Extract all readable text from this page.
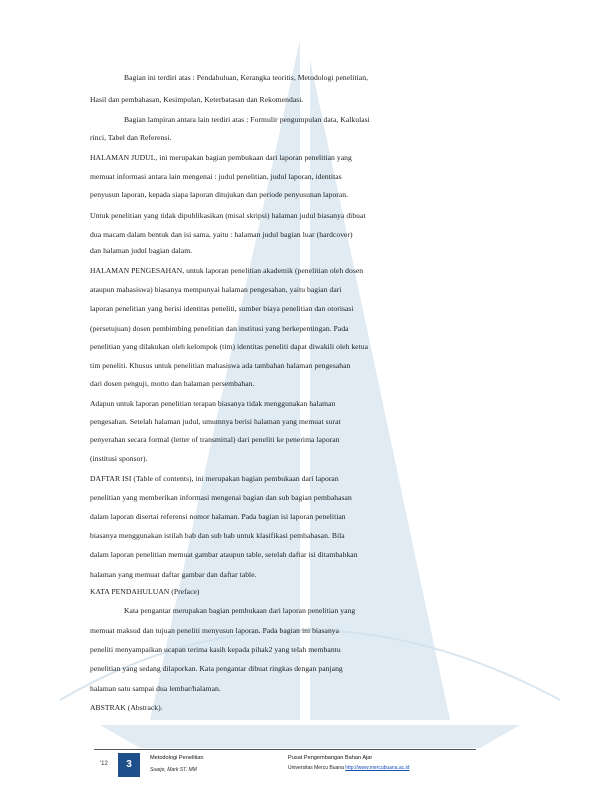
Bagian ini terdiri atas : Pendahuluan, Kerangka teoritis, Metodologi penelitian,
Hasil dan pembahasan, Kesimpulan, Keterbatasan dan Rekomendasi.
Bagian lampiran antara lain terdiri atas : Formulir pengumpulan data, Kalkulasi
rinci, Tabel dan Referensi.
HALAMAN JUDUL, ini merupakan bagian pembukaan dari laporan penelitian yang
memuat informasi antara lain mengenai : judul penelitian, judul laporan, identitas
penyusun laporan, kepada siapa laporan ditujukan dan periode penyusunan laporan.
Untuk penelitian yang tidak dipublikasikan (misal skripsi) halaman judul biasanya dibuat
dua macam dalam bentuk dan isi sama, yaitu : halaman judul bagian luar (hardcover)
dan halaman judul bagian dalam.
HALAMAN PENGESAHAN, untuk laporan penelitian akademik (penelitian oleh dosen
ataupun mahasiswa) biasanya mempunyai halaman pengesahan, yaitu bagian dari
laporan penelitian yang berisi identitas peneliti, sumber biaya penelitian dan otorisasi
(persetujuan) dosen pembimbing penelitian dan institusi yang berkepentingan. Pada
penelitian yang dilakukan oleh kelompok (tim) identitas peneliti dapat diwakili oleh ketua
tim peneliti. Khusus untuk penelitian mahasiswa ada tambahan halaman pengesahan
dari dosen penguji, motto dan halaman persembahan.
Adapun untuk laporan penelitian terapan biasanya tidak menggunakan halaman
pengesahan. Setelah halaman judul, umumnya berisi halaman yang memuat surat
penyerahan secara formal (letter of transmittal) dari peneliti ke penerima laporan
(institusi sponsor).
DAFTAR ISI (Table of contents), ini merupakan bagian pembukaan dari laporan
penelitian yang memberikan informasi mengenai bagian dan sub bagian pembahasan
dalam laporan disertai referensi nomor halaman. Pada bagian isi laporan penelitian
biasanya menggunakan istilah bab dan sub bab untuk klasifikasi pembahasan. Bila
dalam laporan penelitian memuat gambar ataupun table, setelah daftar isi ditambahkan
halaman yang memuat daftar gambar dan daftar table.
KATA PENDAHULUAN (Preface)
Kata pengantar merupakan bagian pembukaan dari laporan penelitian yang
memuat maksud dan tujuan peneliti menyusun laporan. Pada bagian ini biasanya
peneliti menyampaikan ucapan terima kasih kepada pihak2 yang telah membantu
penelitian yang sedang dilaporkan. Kata pengantar dibuat ringkas dengan panjang
halaman satu sampai dua lembar/halaman.
ABSTRAK (Abstrack).
'12	3
Metodologi Penelitian
Suarjo, Mark ST, MM
Pusat Pengembangan Bahan Ajar
Universitas Mercu Buana http://www.mercubuana.ac.id
